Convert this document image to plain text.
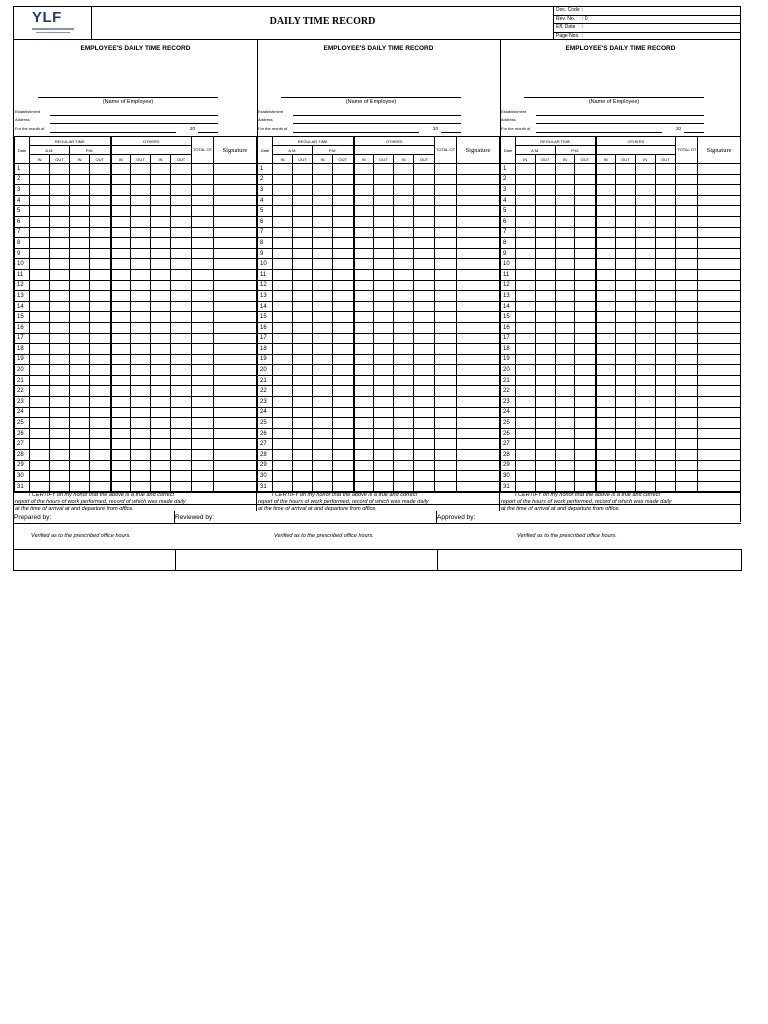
YLF	DAILY TIME RECORD
Doc. Code :
Rev. No. : 0
Eff. Date :
Page Nos. :
EMPLOYEE'S DAILY TIME RECORD
(Name of Employee)
Establishment
Address
For the month of	20
Date	REGULAR TIME				OTHERS				TOTAL OT	Signature
	A.M.		P.M.							
	IN	OUT	IN	OUT	IN	OUT	IN	OUT		
1										
2										
3										
4										
5										
6										
7										
8										
9										
10										
11										
12										
13										
14										
15										
16										
17										
18										
19										
20										
21										
22										
23										
24										
25										
26										
27										
28										
29										
30										
31										
I CERTIFY on my honor that the above is a true and correct
report of the hours of work performed, record of which was made daily
at the time of arrival at and departure from office.
Verified as to the prescribed office hours.
EMPLOYEE'S DAILY TIME RECORD
(Name of Employee)
Establishment
Address
For the month of	20
Date	REGULAR TIME				OTHERS				TOTAL OT	Signature
	A.M.		P.M.							
	IN	OUT	IN	OUT	IN	OUT	IN	OUT		
1										
2										
3										
4										
5										
6										
7										
8										
9										
10										
11										
12										
13										
14										
15										
16										
17										
18										
19										
20										
21										
22										
23										
24										
25										
26										
27										
28										
29										
30										
31										
I CERTIFY on my honor that the above is a true and correct
report of the hours of work performed, record of which was made daily
at the time of arrival at and departure from office.
Verified as to the prescribed office hours.
EMPLOYEE'S DAILY TIME RECORD
(Name of Employee)
Establishment
Address
For the month of	20
Date	REGULAR TIME				OTHERS				TOTAL OT	Signature
	A.M.		P.M.							
	IN	OUT	IN	OUT	IN	OUT	IN	OUT		
1										
2										
3										
4										
5										
6										
7										
8										
9										
10										
11										
12										
13										
14										
15										
16										
17										
18										
19										
20										
21										
22										
23										
24										
25										
26										
27										
28										
29										
30										
31										
I CERTIFY on my honor that the above is a true and correct
report of the hours of work performed, record of which was made daily
at the time of arrival at and departure from office.
Verified as to the prescribed office hours.
Prepared by:	Reviewed by:	Approved by:
